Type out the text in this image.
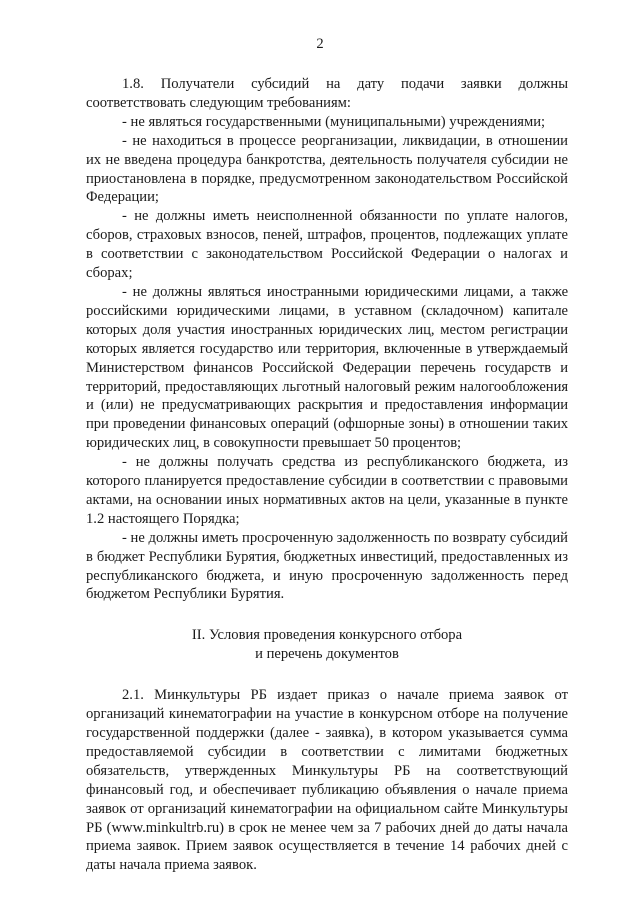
2

1.8. Получатели субсидий на дату подачи заявки должны соответствовать следующим требованиям:

- не являться государственными (муниципальными) учреждениями;

- не находиться в процессе реорганизации, ликвидации, в отношении их не введена процедура банкротства, деятельность получателя субсидии не приостановлена в порядке, предусмотренном законодательством Российской Федерации;

- не должны иметь неисполненной обязанности по уплате налогов, сборов, страховых взносов, пеней, штрафов, процентов, подлежащих уплате в соответствии с законодательством Российской Федерации о налогах и сборах;

- не должны являться иностранными юридическими лицами, а также российскими юридическими лицами, в уставном (складочном) капитале которых доля участия иностранных юридических лиц, местом регистрации которых является государство или территория, включенные в утверждаемый Министерством финансов Российской Федерации перечень государств и территорий, предоставляющих льготный налоговый режим налогообложения и (или) не предусматривающих раскрытия и предоставления информации при проведении финансовых операций (офшорные зоны) в отношении таких юридических лиц, в совокупности превышает 50 процентов;

- не должны получать средства из республиканского бюджета, из которого планируется предоставление субсидии в соответствии с правовыми актами, на основании иных нормативных актов на цели, указанные в пункте 1.2 настоящего Порядка;

- не должны иметь просроченную задолженность по возврату субсидий в бюджет Республики Бурятия, бюджетных инвестиций, предоставленных из республиканского бюджета, и иную просроченную задолженность перед бюджетом Республики Бурятия.

II. Условия проведения конкурсного отбора
и перечень документов

2.1. Минкультуры РБ издает приказ о начале приема заявок от организаций кинематографии на участие в конкурсном отборе на получение государственной поддержки (далее - заявка), в котором указывается сумма предоставляемой субсидии в соответствии с лимитами бюджетных обязательств, утвержденных Минкультуры РБ на соответствующий финансовый год, и обеспечивает публикацию объявления о начале приема заявок от организаций кинематографии на официальном сайте Минкультуры РБ (www.minkultrb.ru) в срок не менее чем за 7 рабочих дней до даты начала приема заявок. Прием заявок осуществляется в течение 14 рабочих дней с даты начала приема заявок.
